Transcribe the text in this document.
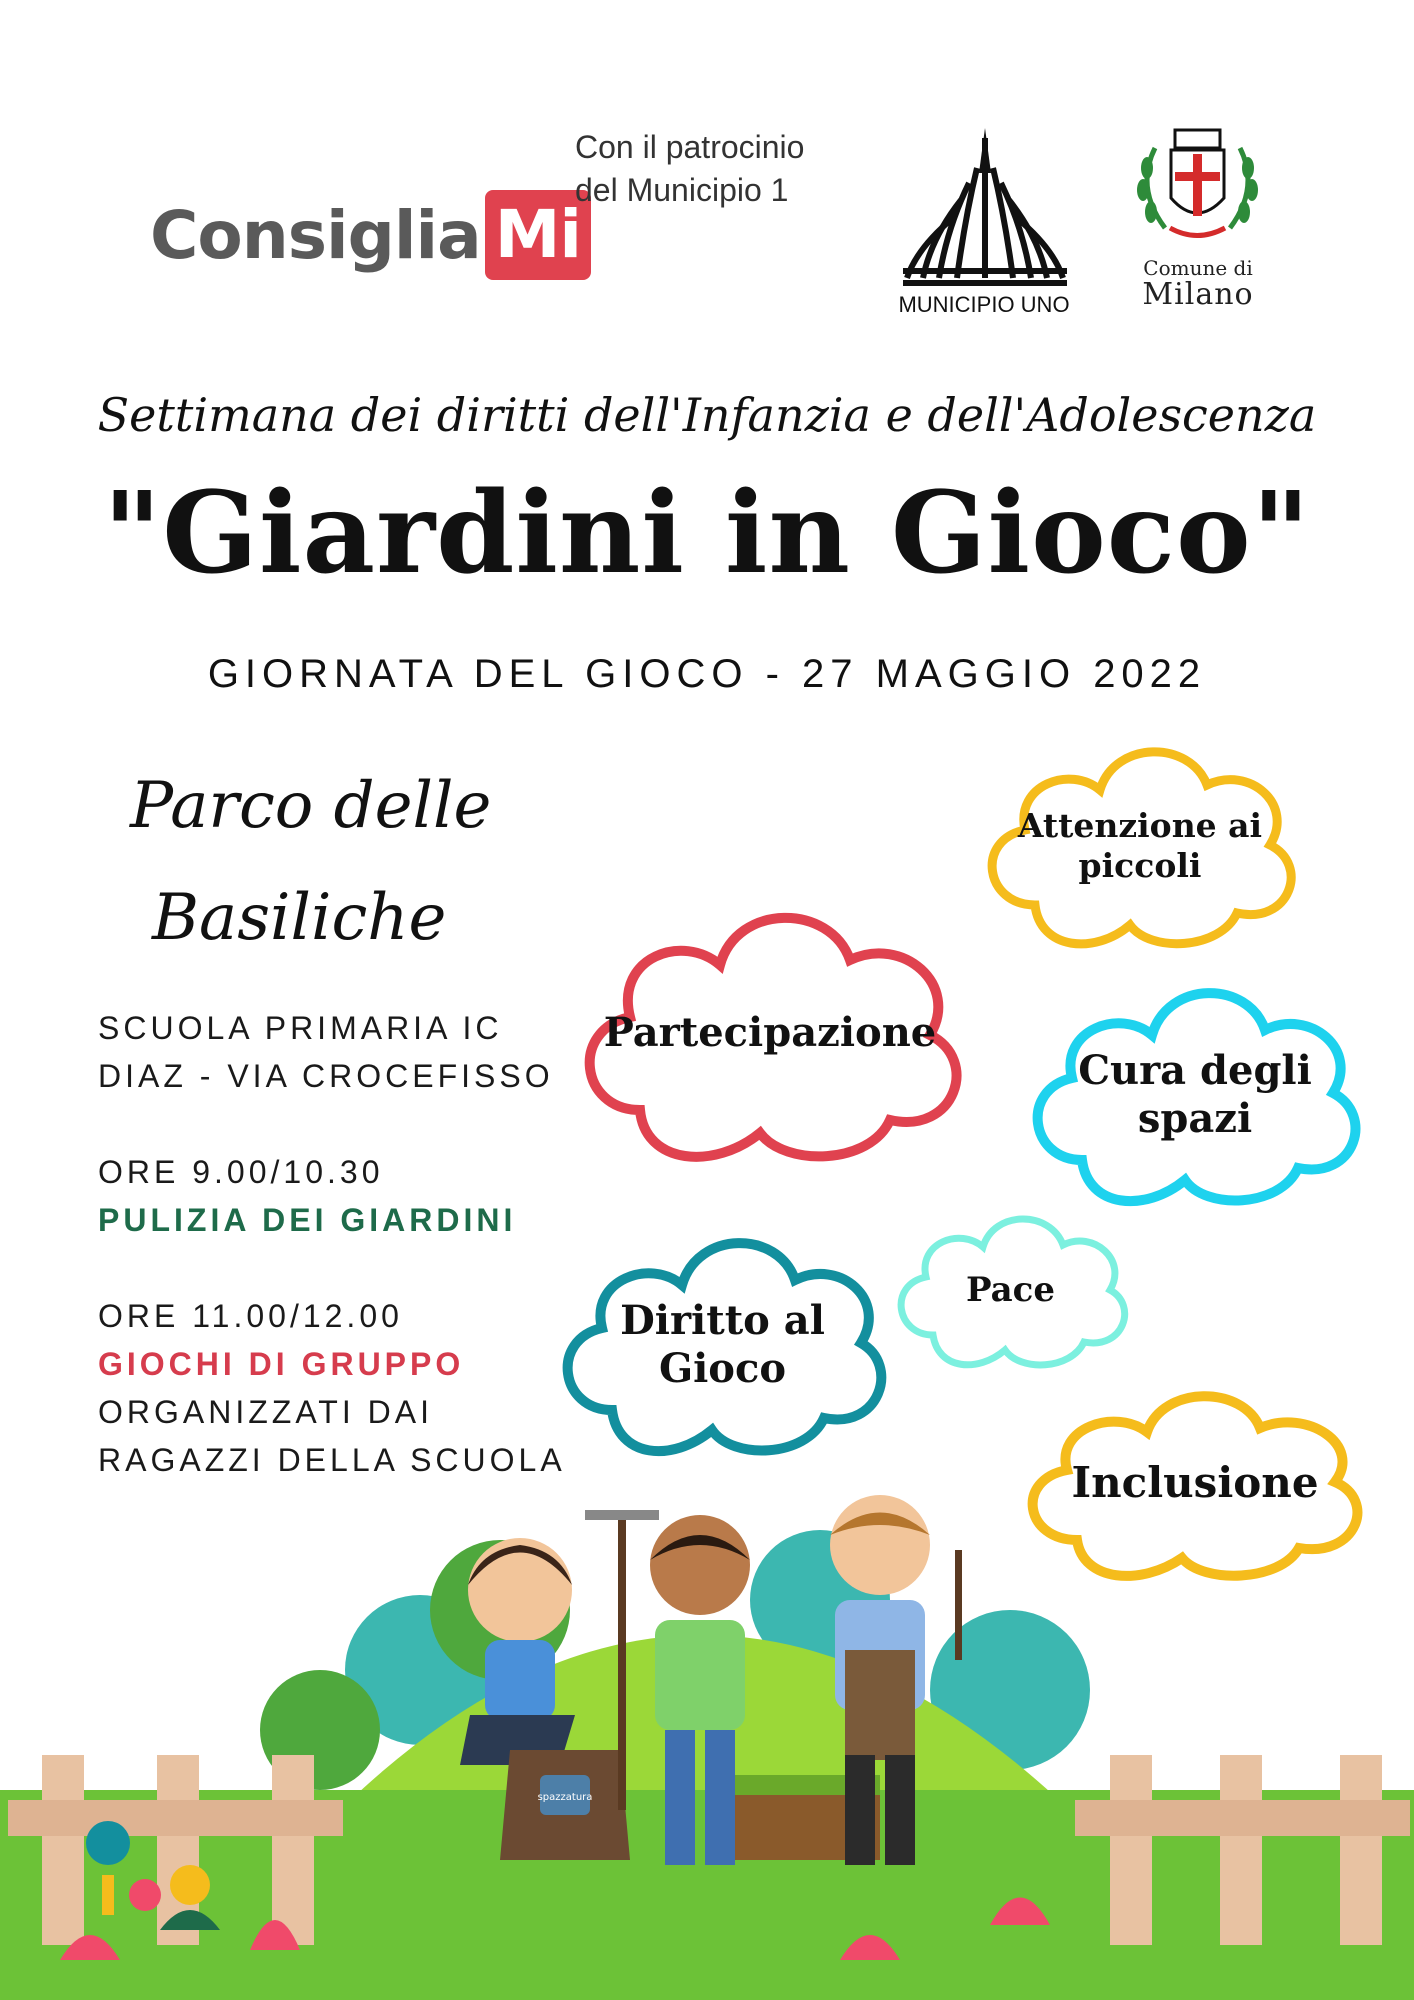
Consiglia Mi
Con il patrocinio
del Municipio 1
MUNICIPIO UNO
Comune di
Milano
Settimana dei diritti dell'Infanzia e dell'Adolescenza
"Giardini in Gioco"
GIORNATA DEL GIOCO - 27 MAGGIO 2022
Parco delle
Basiliche
SCUOLA PRIMARIA IC
DIAZ - VIA CROCEFISSO
ORE 9.00/10.30
PULIZIA DEI GIARDINI
ORE 11.00/12.00
GIOCHI DI GRUPPO
ORGANIZZATI DAI
RAGAZZI DELLA SCUOLA
Attenzione ai
piccoli
Partecipazione
Cura degli
spazi
Pace
Diritto al
Gioco
Inclusione
spazzatura
